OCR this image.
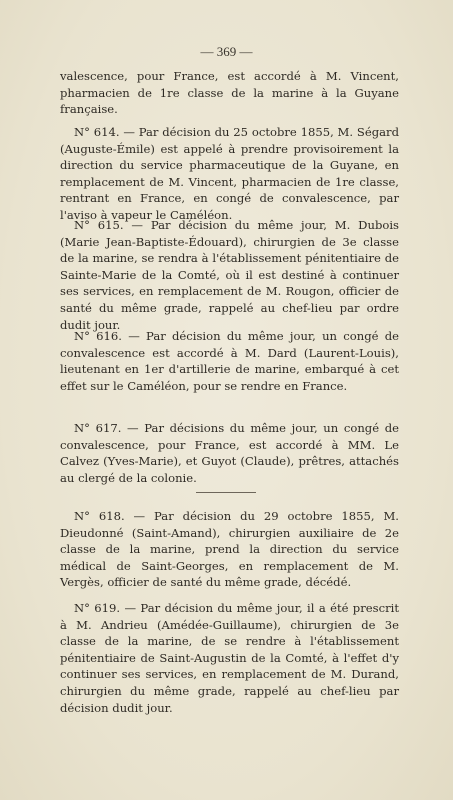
— 369 —

valescence, pour France, est accordé à M. Vincent, pharmacien de 1re classe de la marine à la Guyane française.

N° 614. — Par décision du 25 octobre 1855, M. Ségard (Auguste-Émile) est appelé à prendre provisoirement la direction du service pharmaceutique de la Guyane, en remplacement de M. Vincent, pharmacien de 1re classe, rentrant en France, en congé de convalescence, par l'aviso à vapeur le Caméléon.

N° 615. — Par décision du même jour, M. Dubois (Marie Jean-Baptiste-Édouard), chirurgien de 3e classe de la marine, se rendra à l'établissement pénitentiaire de Sainte-Marie de la Comté, où il est destiné à continuer ses services, en remplacement de M. Rougon, officier de santé du même grade, rappelé au chef-lieu par ordre dudit jour.

N° 616. — Par décision du même jour, un congé de convalescence est accordé à M. Dard (Laurent-Louis), lieutenant en 1er d'artillerie de marine, embarqué à cet effet sur le Caméléon, pour se rendre en France.

N° 617. — Par décisions du même jour, un congé de convalescence, pour France, est accordé à MM. Le Calvez (Yves-Marie), et Guyot (Claude), prêtres, attachés au clergé de la colonie.

N° 618. — Par décision du 29 octobre 1855, M. Dieudonné (Saint-Amand), chirurgien auxiliaire de 2e classe de la marine, prend la direction du service médical de Saint-Georges, en remplacement de M. Vergès, officier de santé du même grade, décédé.

N° 619. — Par décision du même jour, il a été prescrit à M. Andrieu (Amédée-Guillaume), chirurgien de 3e classe de la marine, de se rendre à l'établissement pénitentiaire de Saint-Augustin de la Comté, à l'effet d'y continuer ses services, en remplacement de M. Durand, chirurgien du même grade, rappelé au chef-lieu par décision dudit jour.
